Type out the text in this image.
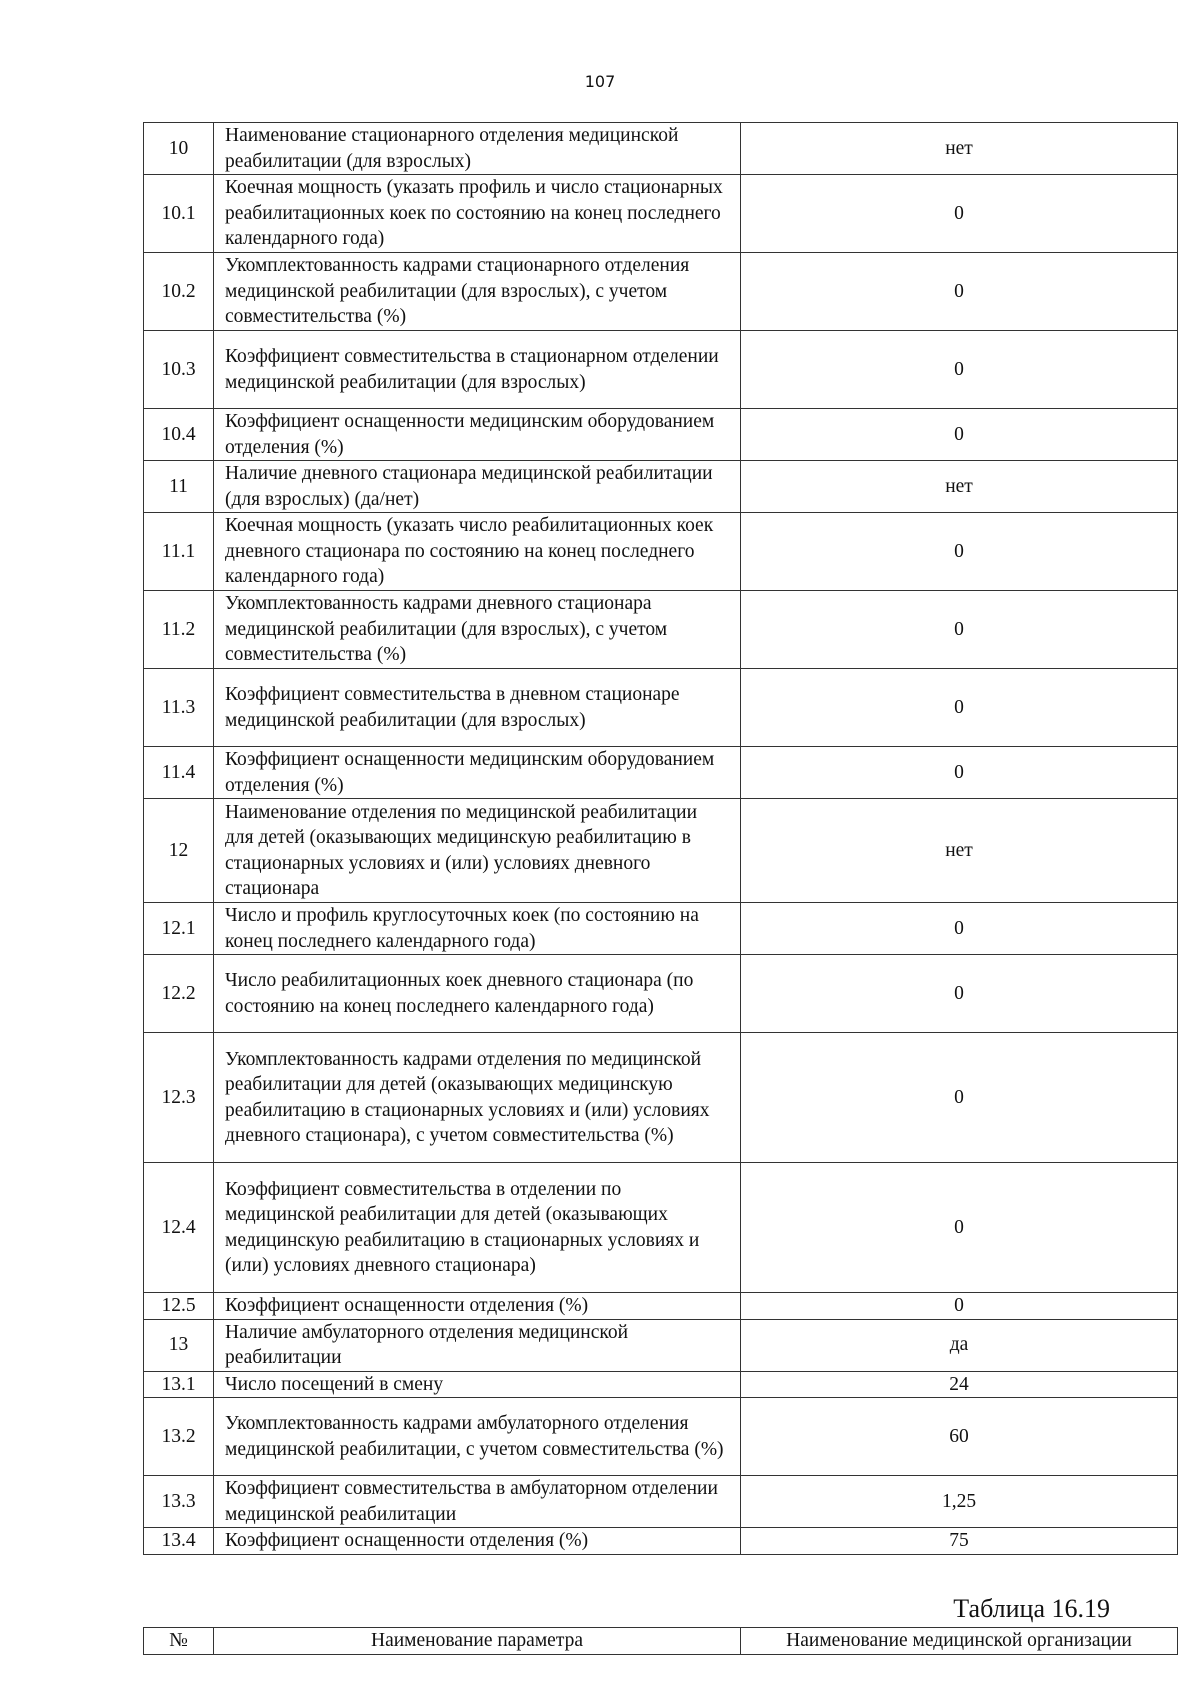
107
10	Наименование стационарного отделения медицинской реабилитации (для взрослых)	нет
10.1	Коечная мощность (указать профиль и число стационарных реабилитационных коек по состоянию на конец последнего календарного года)	0
10.2	Укомплектованность кадрами стационарного отделения медицинской реабилитации (для взрослых), с учетом совместительства (%)	0
10.3	Коэффициент совместительства в стационарном отделении медицинской реабилитации (для взрослых)	0
10.4	Коэффициент оснащенности медицинским оборудованием отделения (%)	0
11	Наличие дневного стационара медицинской реабилитации (для взрослых) (да/нет)	нет
11.1	Коечная мощность (указать число реабилитационных коек дневного стационара по состоянию на конец последнего календарного года)	0
11.2	Укомплектованность кадрами дневного стационара медицинской реабилитации (для взрослых), с учетом совместительства (%)	0
11.3	Коэффициент совместительства в дневном стационаре медицинской реабилитации (для взрослых)	0
11.4	Коэффициент оснащенности медицинским оборудованием отделения (%)	0
12	Наименование отделения по медицинской реабилитации для детей (оказывающих медицинскую реабилитацию в стационарных условиях и (или) условиях дневного стационара	нет
12.1	Число и профиль круглосуточных коек (по состоянию на конец последнего календарного года)	0
12.2	Число реабилитационных коек дневного стационара (по состоянию на конец последнего календарного года)	0
12.3	Укомплектованность кадрами отделения по медицинской реабилитации для детей (оказывающих медицинскую реабилитацию в стационарных условиях и (или) условиях дневного стационара), с учетом совместительства (%)	0
12.4	Коэффициент совместительства в отделении по медицинской реабилитации для детей (оказывающих медицинскую реабилитацию в стационарных условиях и (или) условиях дневного стационара)	0
12.5	Коэффициент оснащенности отделения (%)	0
13	Наличие амбулаторного отделения медицинской реабилитации	да
13.1	Число посещений в смену	24
13.2	Укомплектованность кадрами амбулаторного отделения медицинской реабилитации, с учетом совместительства (%)	60
13.3	Коэффициент совместительства в амбулаторном отделении медицинской реабилитации	1,25
13.4	Коэффициент оснащенности отделения (%)	75
Таблица 16.19
№	Наименование параметра	Наименование медицинской организации
